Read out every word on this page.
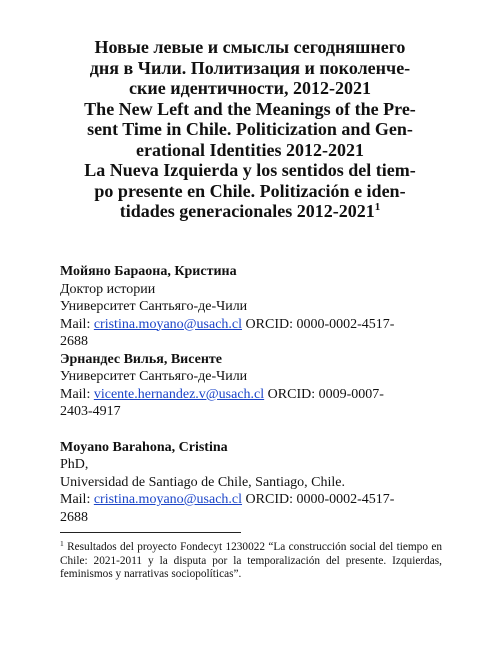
Новые левые и смыслы сегодняшнего
дня в Чили. Политизация и поколенче-
ские идентичности, 2012-2021
The New Left and the Meanings of the Pre-
sent Time in Chile. Politicization and Gen-
erational Identities 2012-2021
La Nueva Izquierda y los sentidos del tiem-
po presente en Chile. Politización e iden-
tidades generacionales 2012-2021$^1$
Мойяно Бараона, Кристина
Доктор истории
Университет Сантьяго-де-Чили
Mail: cristina.moyano@usach.cl ORCID: 0000-0002-4517-
2688
Эрнандес Вилья, Висенте
Университет Сантьяго-де-Чили
Mail: vicente.hernandez.v@usach.cl ORCID: 0009-0007-
2403-4917
Moyano Barahona, Cristina
PhD,
Universidad de Santiago de Chile, Santiago, Chile.
Mail: cristina.moyano@usach.cl ORCID: 0000-0002-4517-
2688
$^1$ Resultados del proyecto Fondecyt 1230022 “La construcción social del tiempo en Chile: 2021-2011 y la disputa por la temporalización del presente. Izquierdas, feminismos y narrativas sociopolíticas”.
